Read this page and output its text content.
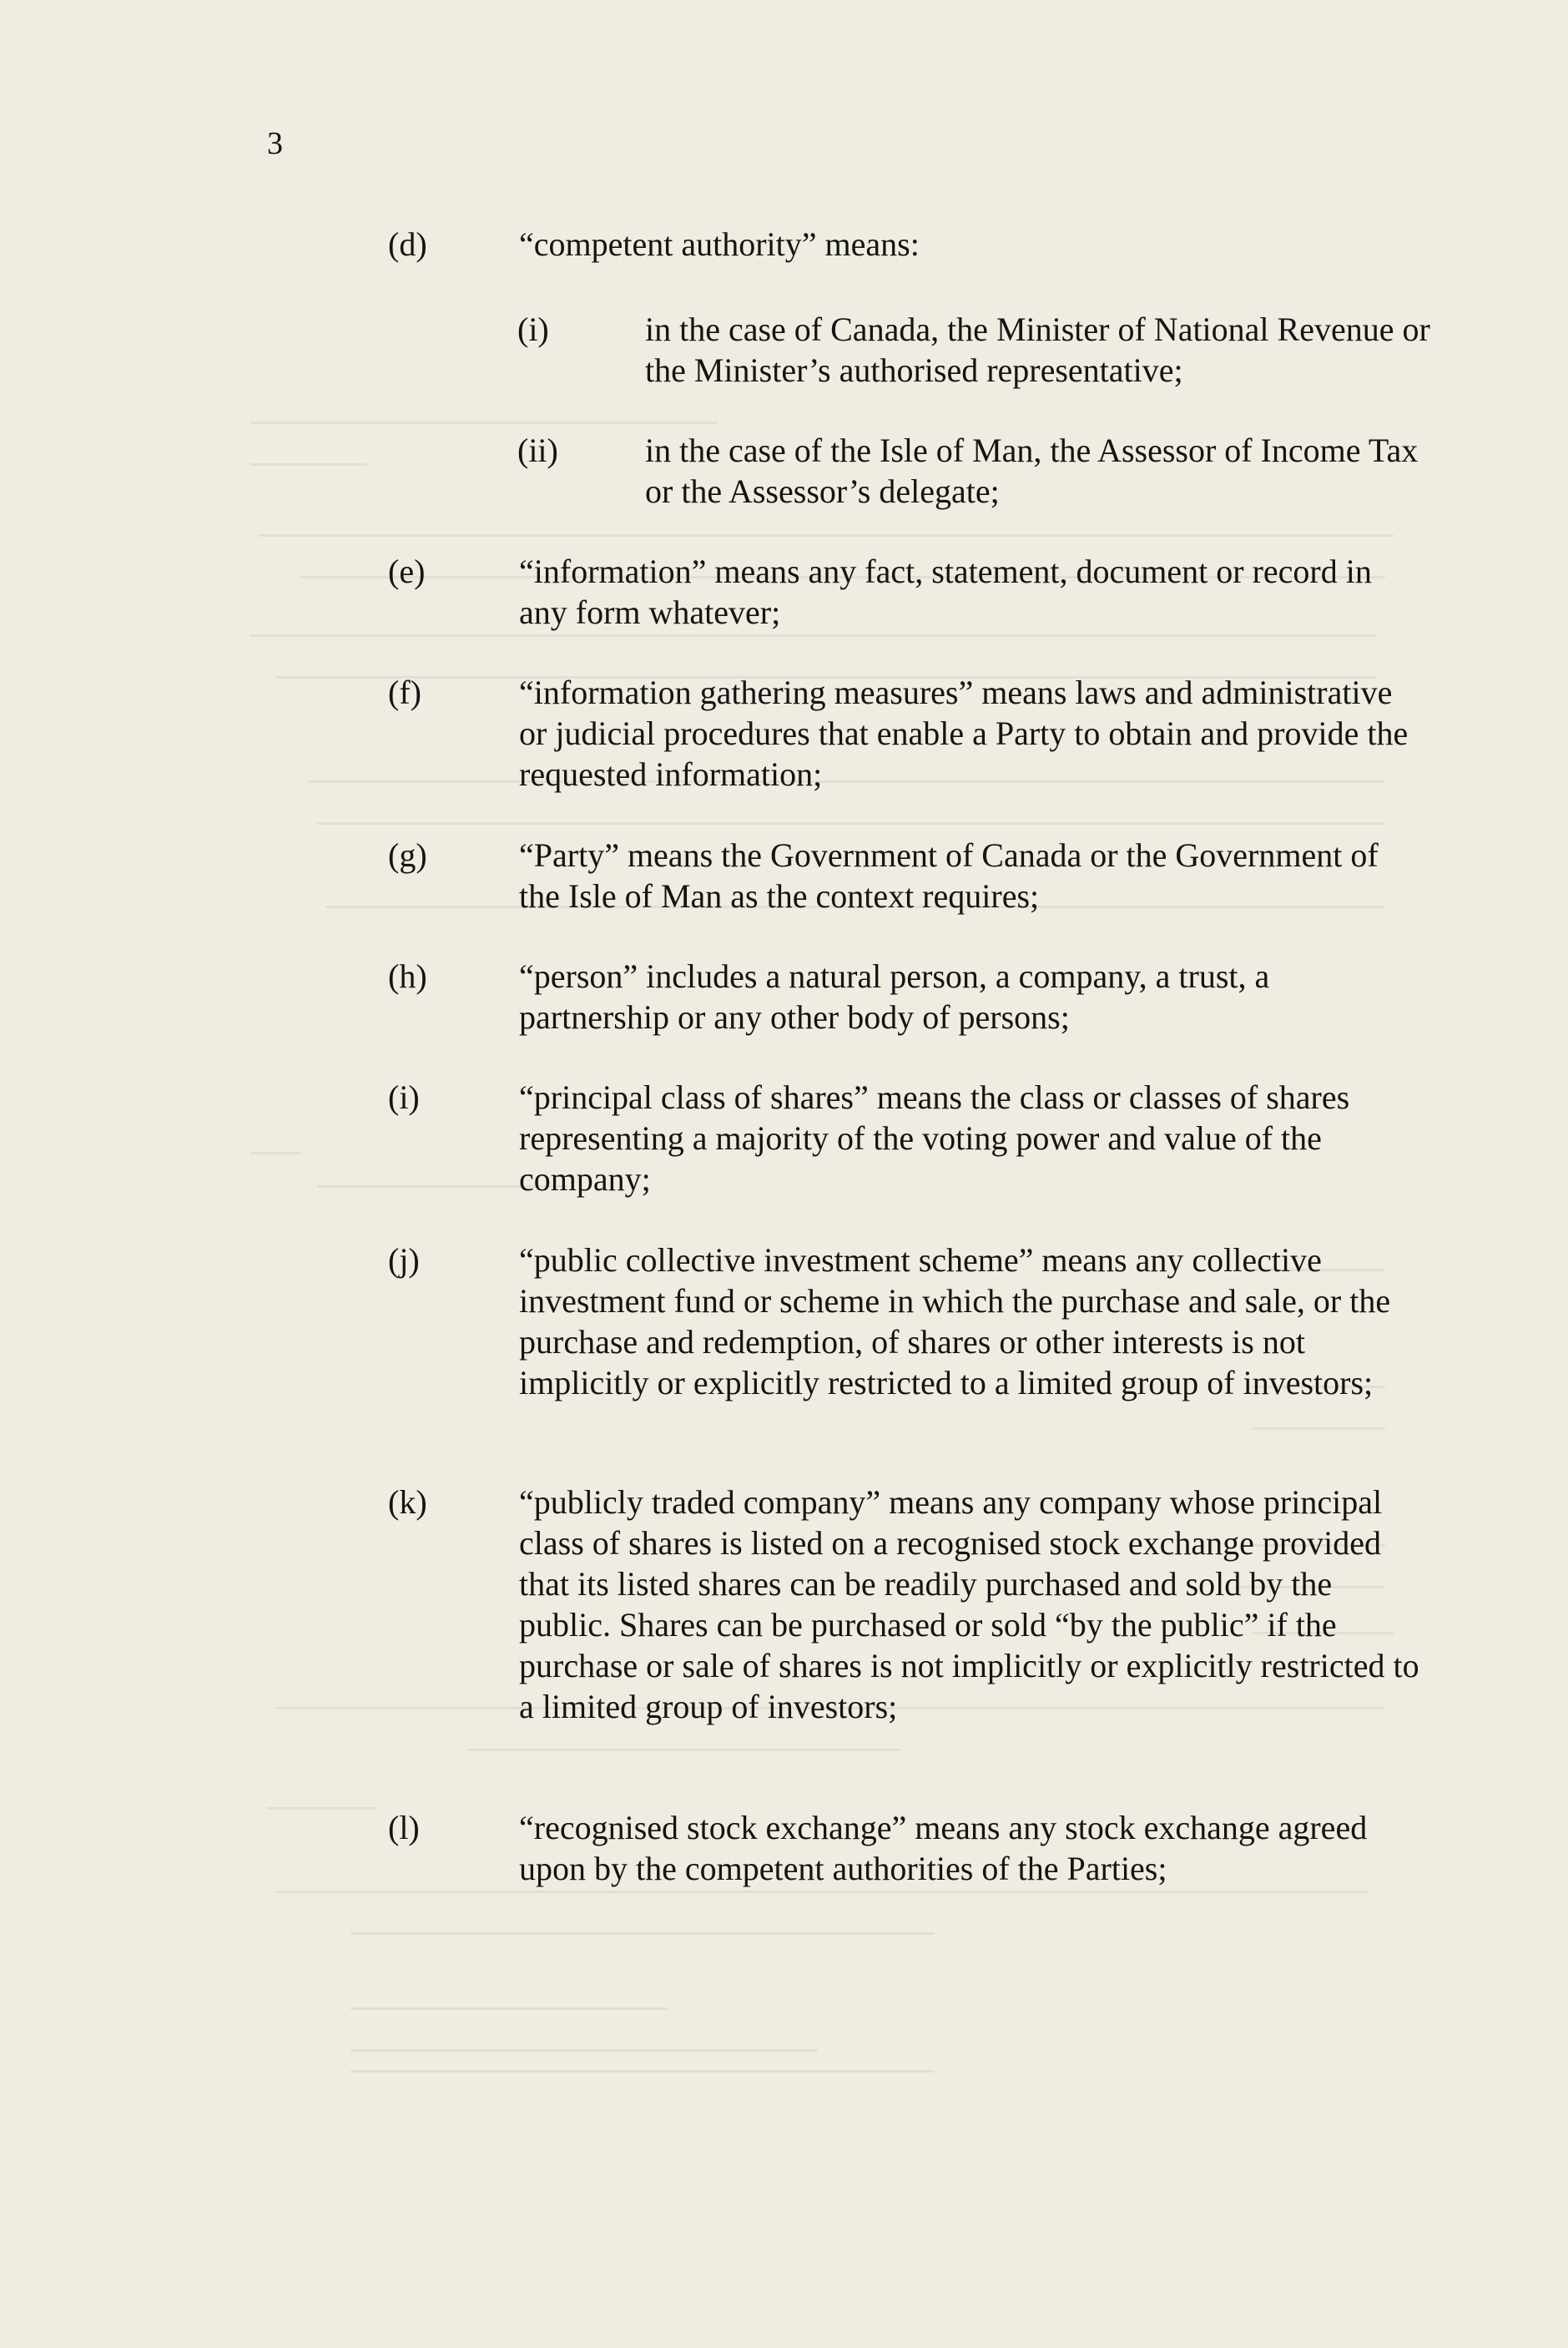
3
(d)	“competent authority” means:
(i)	in the case of Canada, the Minister of National Revenue or the Minister’s authorised representative;
(ii)	in the case of the Isle of Man, the Assessor of Income Tax or the Assessor’s delegate;
(e)	“information” means any fact, statement, document or record in any form whatever;
(f)	“information gathering measures” means laws and administrative or judicial procedures that enable a Party to obtain and provide the requested information;
(g)	“Party” means the Government of Canada or the Government of the Isle of Man as the context requires;
(h)	“person” includes a natural person, a company, a trust, a partnership or any other body of persons;
(i)	“principal class of shares” means the class or classes of shares representing a majority of the voting power and value of the company;
(j)	“public collective investment scheme” means any collective investment fund or scheme in which the purchase and sale, or the purchase and redemption, of shares or other interests is not implicitly or explicitly restricted to a limited group of investors;
(k)	“publicly traded company” means any company whose principal class of shares is listed on a recognised stock exchange provided that its listed shares can be readily purchased and sold by the public. Shares can be purchased or sold “by the public” if the purchase or sale of shares is not implicitly or explicitly restricted to a limited group of investors;
(l)	“recognised stock exchange” means any stock exchange agreed upon by the competent authorities of the Parties;
